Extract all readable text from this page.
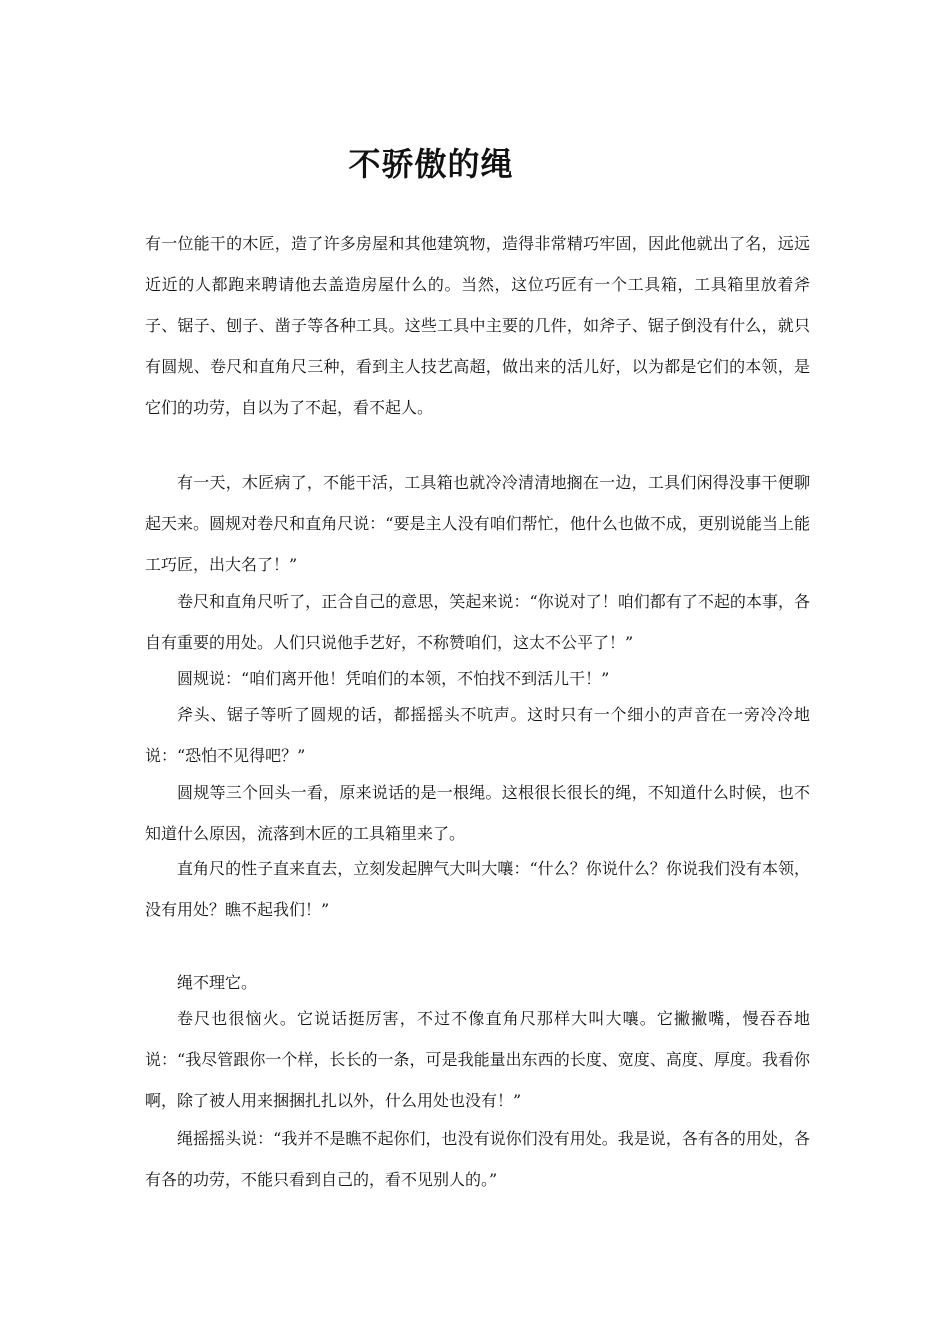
不骄傲的绳

有一位能干的木匠，造了许多房屋和其他建筑物，造得非常精巧牢固，因此他就出了名，远远近近的人都跑来聘请他去盖造房屋什么的。当然，这位巧匠有一个工具箱，工具箱里放着斧子、锯子、刨子、凿子等各种工具。这些工具中主要的几件，如斧子、锯子倒没有什么，就只有圆规、卷尺和直角尺三种，看到主人技艺高超，做出来的活儿好，以为都是它们的本领，是它们的功劳，自以为了不起，看不起人。

有一天，木匠病了，不能干活，工具箱也就冷冷清清地搁在一边，工具们闲得没事干便聊起天来。圆规对卷尺和直角尺说：“要是主人没有咱们帮忙，他什么也做不成，更别说能当上能工巧匠，出大名了！”

卷尺和直角尺听了，正合自己的意思，笑起来说：“你说对了！咱们都有了不起的本事，各自有重要的用处。人们只说他手艺好，不称赞咱们，这太不公平了！”

圆规说：“咱们离开他！凭咱们的本领，不怕找不到活儿干！”

斧头、锯子等听了圆规的话，都摇摇头不吭声。这时只有一个细小的声音在一旁冷冷地说：“恐怕不见得吧？”

圆规等三个回头一看，原来说话的是一根绳。这根很长很长的绳，不知道什么时候，也不知道什么原因，流落到木匠的工具箱里来了。

直角尺的性子直来直去，立刻发起脾气大叫大嚷：“什么？你说什么？你说我们没有本领，没有用处？瞧不起我们！”

绳不理它。

卷尺也很恼火。它说话挺厉害，不过不像直角尺那样大叫大嚷。它撇撇嘴，慢吞吞地说：“我尽管跟你一个样，长长的一条，可是我能量出东西的长度、宽度、高度、厚度。我看你啊，除了被人用来捆捆扎扎以外，什么用处也没有！”

绳摇摇头说：“我并不是瞧不起你们，也没有说你们没有用处。我是说，各有各的用处，各有各的功劳，不能只看到自己的，看不见别人的。”
